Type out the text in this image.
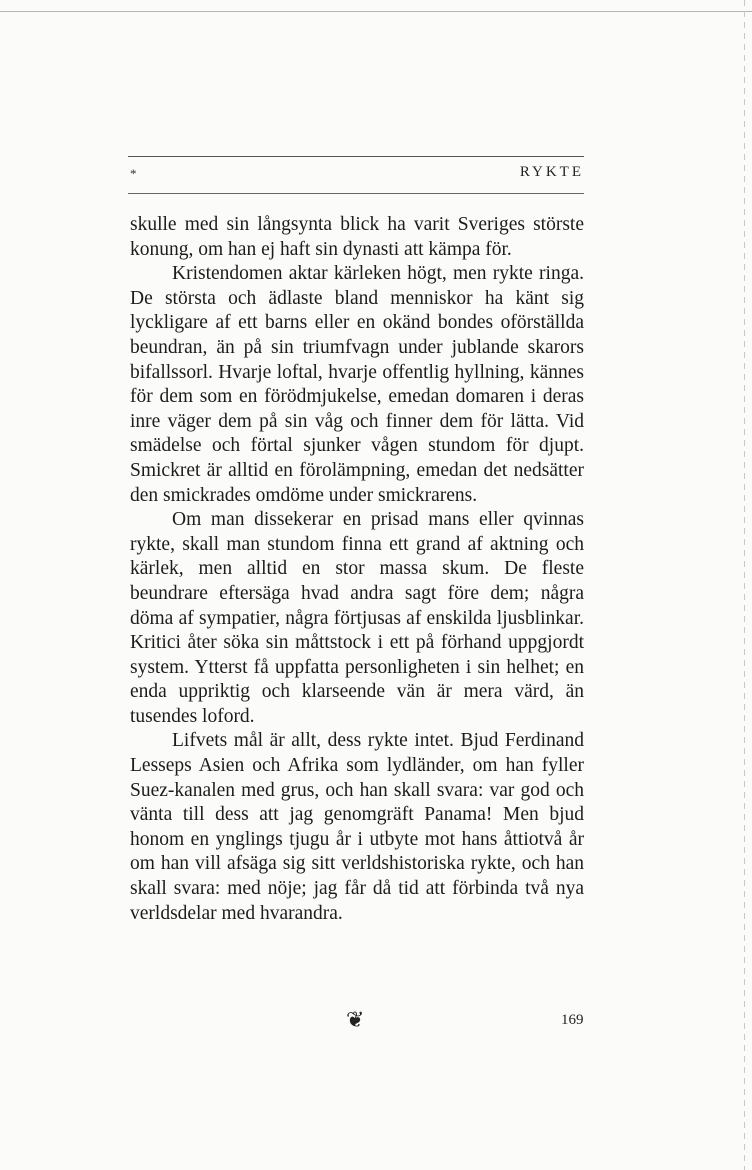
*	RYKTE

skulle med sin långsynta blick ha varit Sveriges störste konung, om han ej haft sin dynasti att kämpa för.

Kristendomen aktar kärleken högt, men rykte ringa. De största och ädlaste bland menniskor ha känt sig lyckligare af ett barns eller en okänd bondes oförställda beundran, än på sin triumfvagn under jublande skarors bifallssorl. Hvarje loftal, hvarje offentlig hyllning, kännes för dem som en förödmjukelse, emedan domaren i deras inre väger dem på sin våg och finner dem för lätta. Vid smädelse och förtal sjunker vågen stundom för djupt. Smickret är alltid en förolämpning, emedan det nedsätter den smickrades omdöme under smickrarens.

Om man dissekerar en prisad mans eller qvinnas rykte, skall man stundom finna ett grand af aktning och kärlek, men alltid en stor massa skum. De fleste beundrare eftersäga hvad andra sagt före dem; några döma af sympatier, några förtjusas af enskilda ljusblinkar. Kritici åter söka sin måttstock i ett på förhand uppgjordt system. Ytterst få uppfatta personligheten i sin helhet; en enda uppriktig och klarseende vän är mera värd, än tusendes loford.

Lifvets mål är allt, dess rykte intet. Bjud Ferdinand Lesseps Asien och Afrika som lydländer, om han fyller Suez-kanalen med grus, och han skall svara: var god och vänta till dess att jag genomgräft Panama! Men bjud honom en ynglings tjugu år i utbyte mot hans åttiotvå år om han vill afsäga sig sitt verldshistoriska rykte, och han skall svara: med nöje; jag får då tid att förbinda två nya verldsdelar med hvarandra.

❦	169
